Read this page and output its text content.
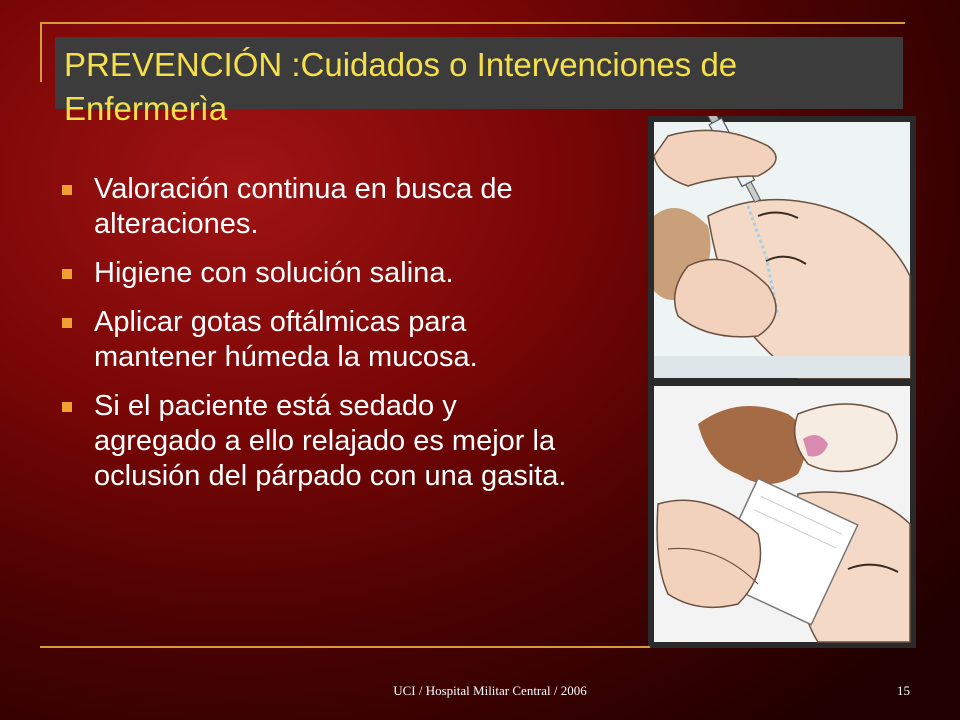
PREVENCIÓN :Cuidados o Intervenciones de Enfermerìa
Valoración continua en busca de alteraciones.
Higiene con solución salina.
Aplicar gotas oftálmicas para mantener húmeda la mucosa.
Si el paciente está sedado y agregado a ello relajado es mejor la oclusión del párpado con una gasita.
UCI / Hospital Militar Central / 2006	15
